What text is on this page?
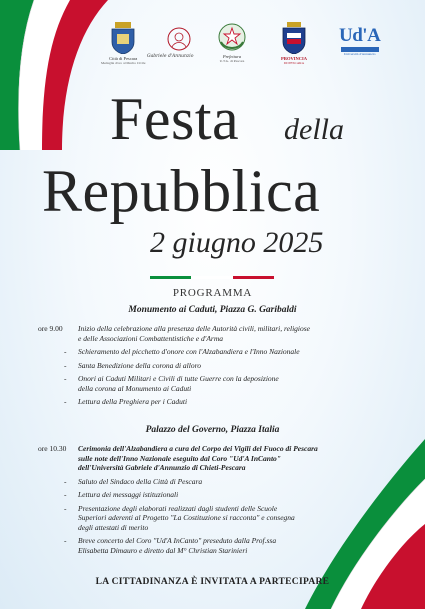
Città di Pescara
Medaglia d'oro al Merito Civile
Gabriele d'Annunzio	Prefettura
U.T.G. di Pescara	PROVINCIA
DI PESCARA
Ud'A
Università d'Annunzio
Festa della
Repubblica
2 giugno 2025
PROGRAMMA
Monumento ai Caduti, Piazza G. Garibaldi
ore 9.00 Inizio della celebrazione alla presenza delle Autorità civili, militari, religiose
e delle Associazioni Combattentistiche e d'Arma
- Schieramento del picchetto d'onore con l'Alzabandiera e l'Inno Nazionale
- Santa Benedizione della corona di alloro
- Onori ai Caduti Militari e Civili di tutte Guerre con la deposizione
della corona al Monumento ai Caduti
- Lettura della Preghiera per i Caduti
Palazzo del Governo, Piazza Italia
ore 10.30 Cerimonia dell'Alzabandiera a cura del Corpo dei Vigili del Fuoco di Pescara
sulle note dell'Inno Nazionale eseguito dal Coro "Ud'A InCanto"
dell'Università Gabriele d'Annunzio di Chieti-Pescara
- Saluto del Sindaco della Città di Pescara
- Lettura dei messaggi istituzionali
- Presentazione degli elaborati realizzati dagli studenti delle Scuole
Superiori aderenti al Progetto "La Costituzione si racconta" e consegna
degli attestati di merito
- Breve concerto del Coro "Ud'A InCanto" preseduto dalla Prof.ssa
Elisabetta Dimauro e diretto dal M° Christian Starinieri
LA CITTADINANZA È INVITATA A PARTECIPARE
